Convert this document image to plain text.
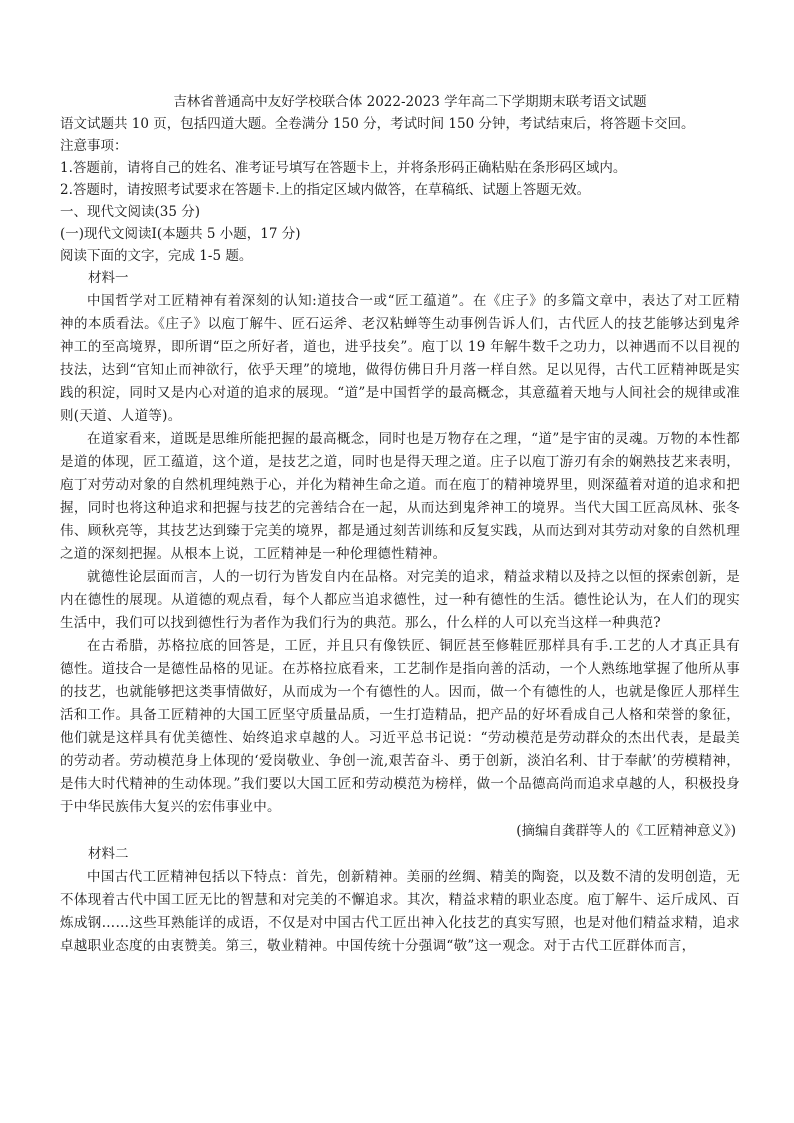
吉林省普通高中友好学校联合体 2022-2023 学年高二下学期期末联考语文试题

语文试题共 10 页，包括四道大题。全卷满分 150 分，考试时间 150 分钟，考试结束后，将答题卡交回。

注意事项：

1.答题前，请将自己的姓名、准考证号填写在答题卡上，并将条形码正确粘贴在条形码区域内。

2.答题时，请按照考试要求在答题卡.上的指定区域内做答，在草稿纸、试题上答题无效。

一、现代文阅读(35 分)

(一)现代文阅读Ⅰ(本题共 5 小题，17 分)

阅读下面的文字，完成 1-5 题。

材料一

中国哲学对工匠精神有着深刻的认知:道技合一或“匠工蕴道”。在《庄子》的多篇文章中，表达了对工匠精神的本质看法。《庄子》以庖丁解牛、匠石运斧、老汉粘蝉等生动事例告诉人们，古代匠人的技艺能够达到鬼斧神工的至高境界，即所谓“臣之所好者，道也，进乎技矣”。庖丁以 19 年解牛数千之功力，以神遇而不以目视的技法，达到“官知止而神欲行，依乎天理”的境地，做得仿佛日升月落一样自然。足以见得，古代工匠精神既是实践的积淀，同时又是内心对道的追求的展现。“道”是中国哲学的最高概念，其意蕴着天地与人间社会的规律或准则(天道、人道等)。

在道家看来，道既是思维所能把握的最高概念，同时也是万物存在之理，“道”是宇宙的灵魂。万物的本性都是道的体现，匠工蕴道，这个道，是技艺之道，同时也是得天理之道。庄子以庖丁游刃有余的娴熟技艺来表明，庖丁对劳动对象的自然机理纯熟于心，并化为精神生命之道。而在庖丁的精神境界里，则深蕴着对道的追求和把握，同时也将这种追求和把握与技艺的完善结合在一起，从而达到鬼斧神工的境界。当代大国工匠高凤林、张冬伟、顾秋亮等，其技艺达到臻于完美的境界，都是通过刻苦训练和反复实践，从而达到对其劳动对象的自然机理之道的深刻把握。从根本上说，工匠精神是一种伦理德性精神。

就德性论层面而言，人的一切行为皆发自内在品格。对完美的追求，精益求精以及持之以恒的探索创新，是内在德性的展现。从道德的观点看，每个人都应当追求德性，过一种有德性的生活。德性论认为，在人们的现实生活中，我们可以找到德性行为者作为我们行为的典范。那么，什么样的人可以充当这样一种典范?

在古希腊，苏格拉底的回答是，工匠，并且只有像铁匠、铜匠甚至修鞋匠那样具有手.工艺的人才真正具有德性。道技合一是德性品格的见证。在苏格拉底看来，工艺制作是指向善的活动，一个人熟练地掌握了他所从事的技艺，也就能够把这类事情做好，从而成为一个有德性的人。因而，做一个有德性的人，也就是像匠人那样生活和工作。具备工匠精神的大国工匠坚守质量品质，一生打造精品，把产品的好坏看成自己人格和荣誉的象征，他们就是这样具有优美德性、始终追求卓越的人。习近平总书记说：“劳动模范是劳动群众的杰出代表，是最美的劳动者。劳动模范身上体现的‘爱岗敬业、争创一流,艰苦奋斗、勇于创新，淡泊名利、甘于奉献’的劳模精神，是伟大时代精神的生动体现。”我们要以大国工匠和劳动模范为榜样，做一个品德高尚而追求卓越的人，积极投身于中华民族伟大复兴的宏伟事业中。

(摘编自龚群等人的《工匠精神意义》)

材料二

中国古代工匠精神包括以下特点：首先，创新精神。美丽的丝绸、精美的陶瓷，以及数不清的发明创造，无不体现着古代中国工匠无比的智慧和对完美的不懈追求。其次，精益求精的职业态度。庖丁解牛、运斤成风、百炼成钢……这些耳熟能详的成语，不仅是对中国古代工匠出神入化技艺的真实写照，也是对他们精益求精，追求卓越职业态度的由衷赞美。第三，敬业精神。中国传统十分强调“敬”这一观念。对于古代工匠群体而言，
